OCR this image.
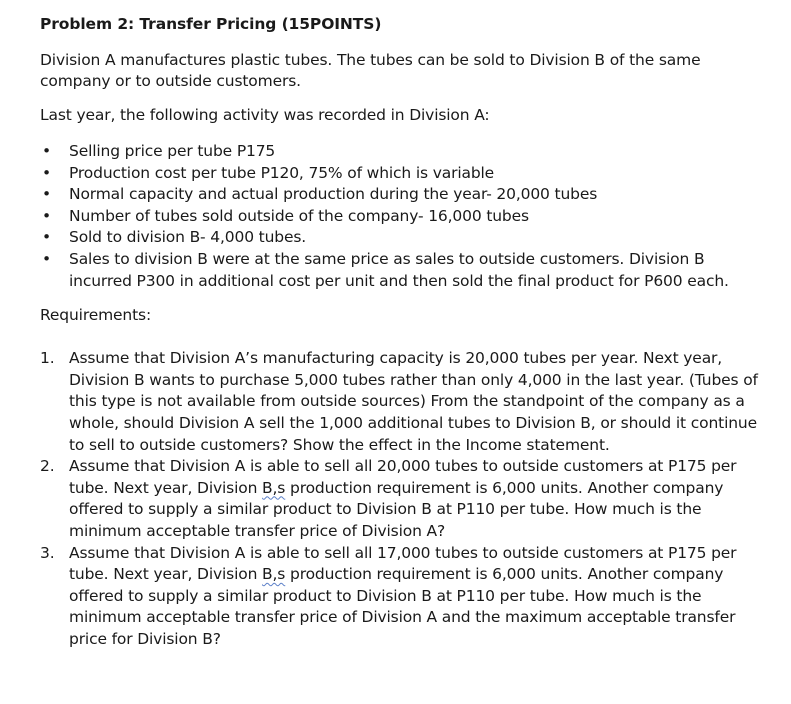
Problem 2: Transfer Pricing (15POINTS)

Division A manufactures plastic tubes. The tubes can be sold to Division B of the same company or to outside customers.

Last year, the following activity was recorded in Division A:

• Selling price per tube P175
• Production cost per tube P120, 75% of which is variable
• Normal capacity and actual production during the year- 20,000 tubes
• Number of tubes sold outside of the company- 16,000 tubes
• Sold to division B- 4,000 tubes.
• Sales to division B were at the same price as sales to outside customers. Division B incurred P300 in additional cost per unit and then sold the final product for P600 each.

Requirements:

1. Assume that Division A’s manufacturing capacity is 20,000 tubes per year. Next year, Division B wants to purchase 5,000 tubes rather than only 4,000 in the last year. (Tubes of this type is not available from outside sources) From the standpoint of the company as a whole, should Division A sell the 1,000 additional tubes to Division B, or should it continue to sell to outside customers? Show the effect in the Income statement.
2. Assume that Division A is able to sell all 20,000 tubes to outside customers at P175 per tube. Next year, Division B,s production requirement is 6,000 units. Another company offered to supply a similar product to Division B at P110 per tube. How much is the minimum acceptable transfer price of Division A?
3. Assume that Division A is able to sell all 17,000 tubes to outside customers at P175 per tube. Next year, Division B,s production requirement is 6,000 units. Another company offered to supply a similar product to Division B at P110 per tube. How much is the minimum acceptable transfer price of Division A and the maximum acceptable transfer price for Division B?
